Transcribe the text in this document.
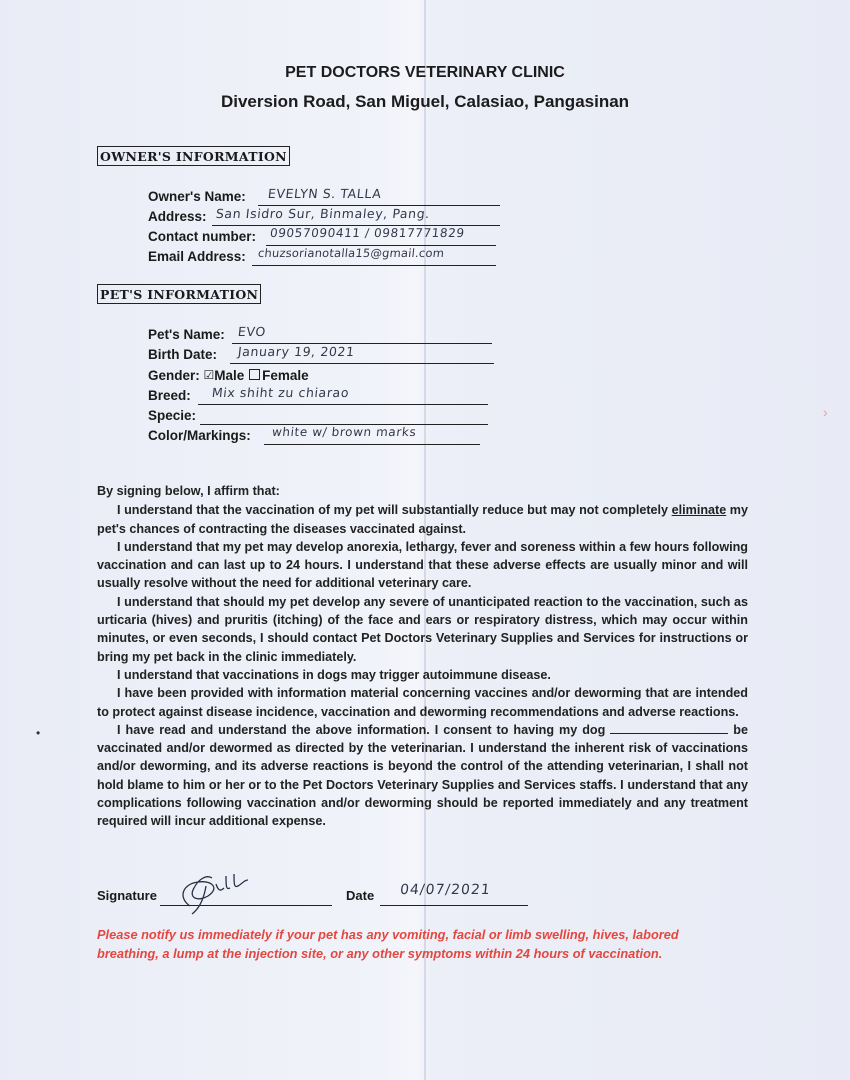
PET DOCTORS VETERINARY CLINIC
Diversion Road, San Miguel, Calasiao, Pangasinan
OWNER'S INFORMATION
Owner's Name: EVELYN S. TALLA
Address: San Isidro Sur, Binmaley, Pang.
Contact number: 09057090411 / 09817771829
Email Address: chuzsorianotalla15@gmail.com
PET'S INFORMATION
Pet's Name: EVO
Birth Date: January 19, 2021
Gender: ☑Male Female
Breed: Mix shiht zu chiarao
Specie:
Color/Markings: white w/ brown marks

By signing below, I affirm that:

I understand that the vaccination of my pet will substantially reduce but may not completely eliminate my pet's chances of contracting the diseases vaccinated against.

I understand that my pet may develop anorexia, lethargy, fever and soreness within a few hours following vaccination and can last up to 24 hours. I understand that these adverse effects are usually minor and will usually resolve without the need for additional veterinary care.

I understand that should my pet develop any severe of unanticipated reaction to the vaccination, such as urticaria (hives) and pruritis (itching) of the face and ears or respiratory distress, which may occur within minutes, or even seconds, I should contact Pet Doctors Veterinary Supplies and Services for instructions or bring my pet back in the clinic immediately.

I understand that vaccinations in dogs may trigger autoimmune disease.

I have been provided with information material concerning vaccines and/or deworming that are intended to protect against disease incidence, vaccination and deworming recommendations and adverse reactions.

I have read and understand the above information. I consent to having my dog	be vaccinated and/or dewormed as directed by the veterinarian. I understand the inherent risk of vaccinations and/or deworming, and its adverse reactions is beyond the control of the attending veterinarian, I shall not hold blame to him or her or to the Pet Doctors Veterinary Supplies and Services staffs. I understand that any complications following vaccination and/or deworming should be reported immediately and any treatment required will incur additional expense.

Signature	Date 04/07/2021
Please notify us immediately if your pet has any vomiting, facial or limb swelling, hives, labored breathing, a lump at the injection site, or any other symptoms within 24 hours of vaccination.
•
›
